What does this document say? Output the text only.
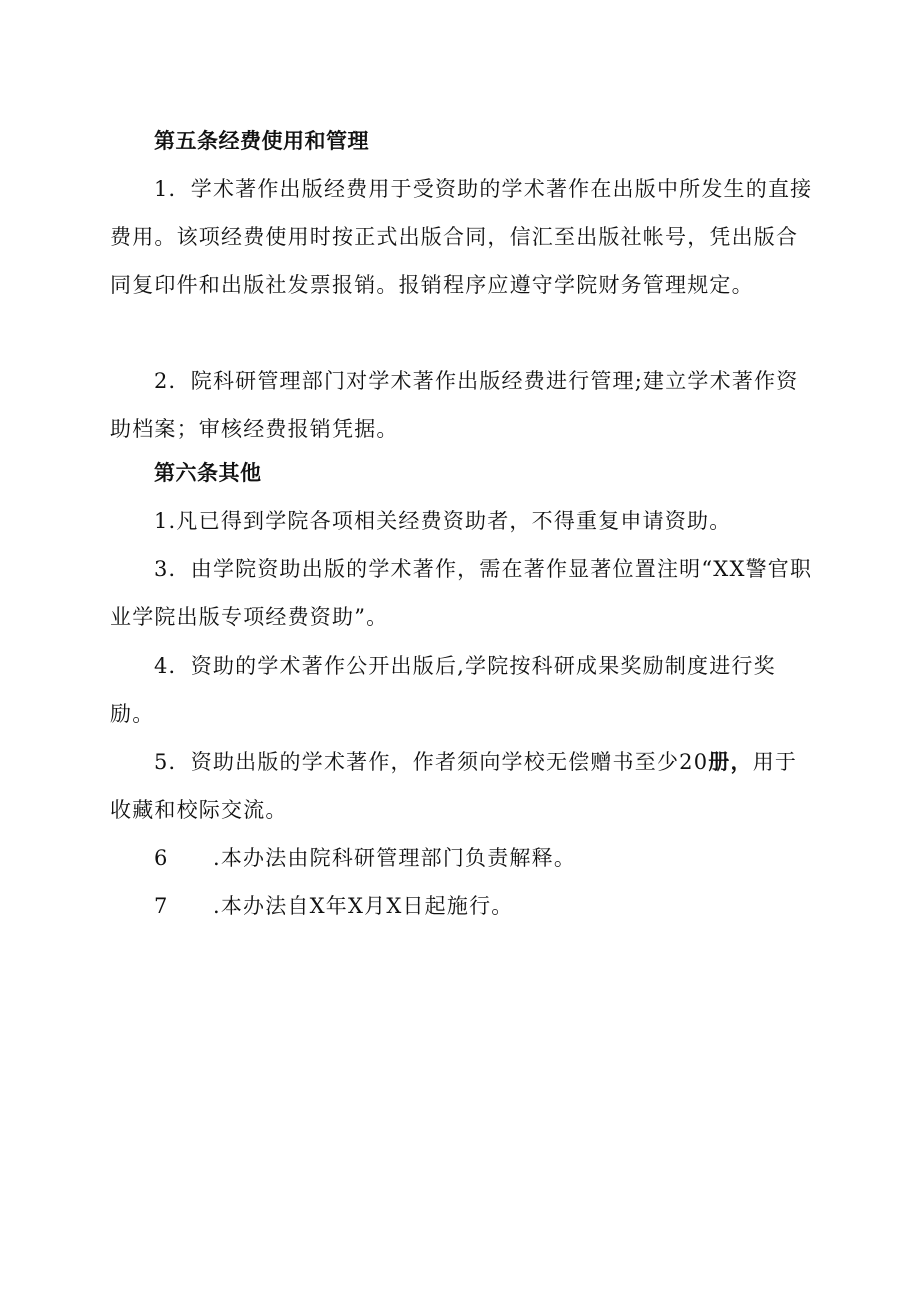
第五条经费使用和管理

1．学术著作出版经费用于受资助的学术著作在出版中所发生的直接费用。该项经费使用时按正式出版合同，信汇至出版社帐号，凭出版合同复印件和出版社发票报销。报销程序应遵守学院财务管理规定。

2．院科研管理部门对学术著作出版经费进行管理;建立学术著作资助档案；审核经费报销凭据。

第六条其他

1.凡已得到学院各项相关经费资助者，不得重复申请资助。

3．由学院资助出版的学术著作，需在著作显著位置注明“XX警官职业学院出版专项经费资助”。

4．资助的学术著作公开出版后,学院按科研成果奖励制度进行奖励。

5．资助出版的学术著作，作者须向学校无偿赠书至少20册，用于收藏和校际交流。

6　　.本办法由院科研管理部门负责解释。

7　　.本办法自X年X月X日起施行。
